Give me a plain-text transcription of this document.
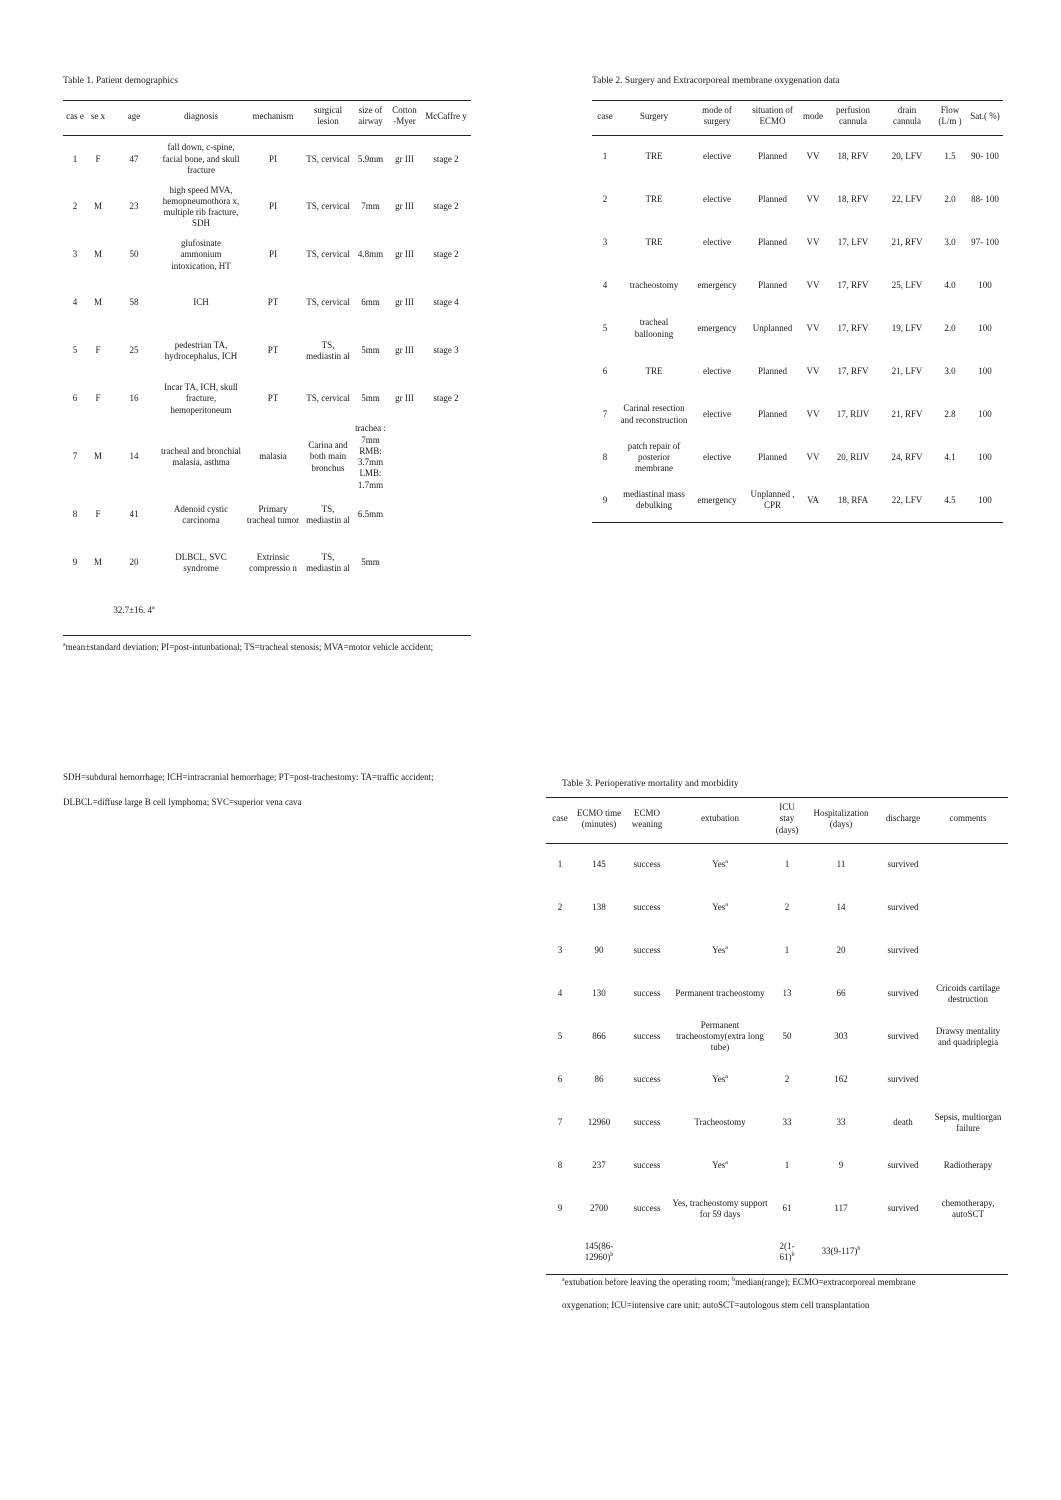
Table 1. Patient demographics
cas e	se x	age	diagnosis	mechanism	surgical lesion	size of airway	Cotton -Myer	McCaffre y
1	F	47	fall down, c-spine, facial bone, and skull fracture	PI	TS, cervical	5.9mm	gr III	stage 2
2	M	23	high speed MVA, hemopneumothora x, multiple rib fracture, SDH	PI	TS, cervical	7mm	gr III	stage 2
3	M	50	glufosinate ammonium intoxication, HT	PI	TS, cervical	4.8mm	gr III	stage 2
4	M	58	ICH	PT	TS, cervical	6mm	gr III	stage 4
5	F	25	pedestrian TA, hydrocephalus, ICH	PT	TS, mediastin al	5mm	gr III	stage 3
6	F	16	Incar TA, ICH, skull fracture, hemoperitoneum	PT	TS, cervical	5mm	gr III	stage 2
7	M	14	tracheal and bronchial malasia, asthma	malasia	Carina and both main bronchus	trachea : 7mm RMB: 3.7mm LMB: 1.7mm		
8	F	41	Adenoid cystic carcinoma	Primary tracheal tumor	TS, mediastin al	6.5mm		
9	M	20	DLBCL, SVC syndrome	Extrinsic compressio n	TS, mediastin al	5mm		
		32.7±16. 4$^a$						
$^a$mean±standard deviation; PI=post-intunbational; TS=tracheal stenosis; MVA=motor vehicle accident;
SDH=subdural hemorrhage; ICH=intracranial hemorrhage; PT=post-trachestomy: TA=traffic accident;
DLBCL=diffuse large B cell lymphoma; SVC=superior vena cava
Table 2. Surgery and Extracorporeal membrane oxygenation data
case	Surgery	mode of surgery	situation of ECMO	mode	perfusion cannula	drain cannula	Flow (L/m )	Sat.( %)
1	TRE	elective	Planned	VV	18, RFV	20, LFV	1.5	90- 100
2	TRE	elective	Planned	VV	18, RFV	22, LFV	2.0	88- 100
3	TRE	elective	Planned	VV	17, LFV	21, RFV	3.0	97- 100
4	tracheostomy	emergency	Planned	VV	17, RFV	25, LFV	4.0	100
5	tracheal ballooning	emergency	Unplanned	VV	17, RFV	19, LFV	2.0	100
6	TRE	elective	Planned	VV	17, RFV	21, LFV	3.0	100
7	Carinal resection and reconstruction	elective	Planned	VV	17, RIJV	21, RFV	2.8	100
8	patch repair of posterior membrane	elective	Planned	VV	20, RIJV	24, RFV	4.1	100
9	mediastinal mass debulking	emergency	Unplanned , CPR	VA	18, RFA	22, LFV	4.5	100
Table 3. Perioperative mortality and morbidity
case	ECMO time (minutes)	ECMO weaning	extubation	ICU stay (days)	Hospitalization (days)	discharge	comments
1	145	success	Yes$^a$	1	11	survived	
2	138	success	Yes$^a$	2	14	survived	
3	90	success	Yes$^a$	1	20	survived	
4	130	success	Permanent tracheostomy	13	66	survived	Cricoids cartilage destruction
5	866	success	Permanent tracheostomy(extra long tube)	50	303	survived	Drawsy mentality and quadriplegia
6	86	success	Yes$^a$	2	162	survived	
7	12960	success	Tracheostomy	33	33	death	Sepsis, multiorgan failure
8	237	success	Yes$^a$	1	9	survived	Radiotherapy
9	2700	success	Yes, tracheostomy support for 59 days	61	117	survived	chemotherapy, autoSCT
	145(86- 12960)$^b$			2(1- 61)$^b$	$33(9-117)^b$		
$^a$extubation before leaving the operating room; $^b$median(range); ECMO=extracorporeal membrane
oxygenation; ICU=intensive care unit; autoSCT=autologous stem cell transplantation
